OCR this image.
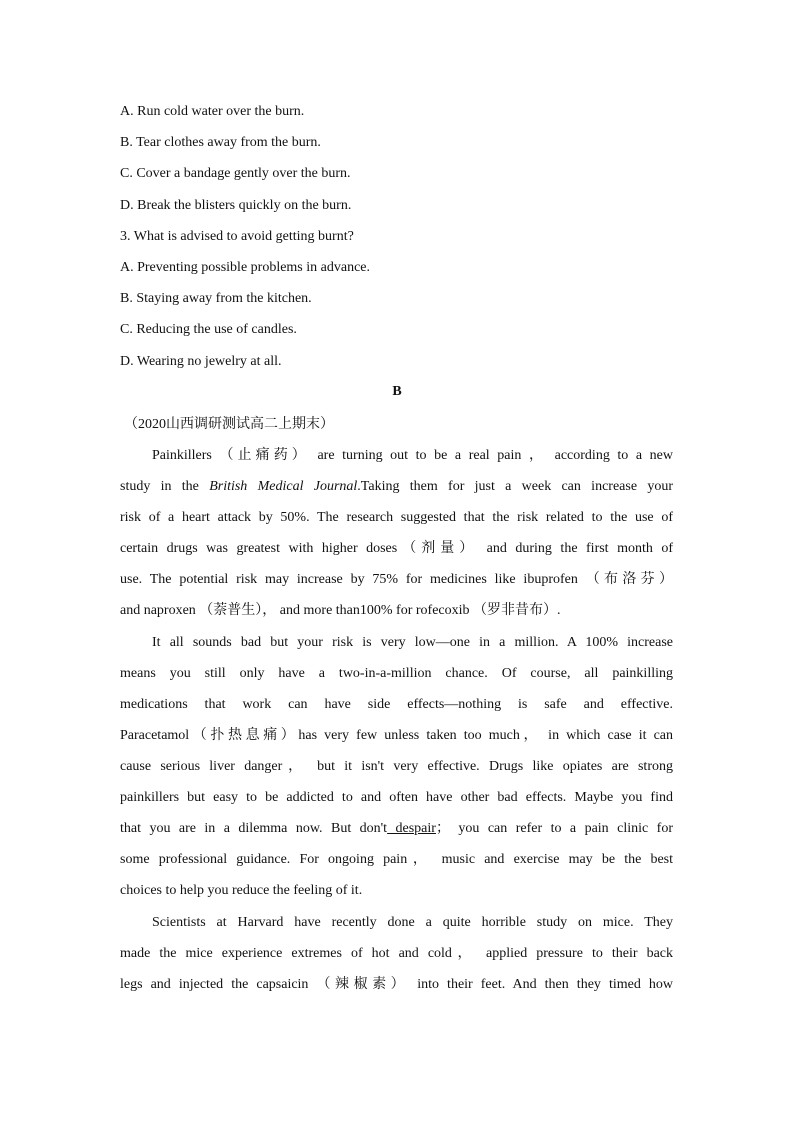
A. Run cold water over the burn.
B. Tear clothes away from the burn.
C. Cover a bandage gently over the burn.
D. Break the blisters quickly on the burn.
3. What is advised to avoid getting burnt?
A. Preventing possible problems in advance.
B. Staying away from the kitchen.
C. Reducing the use of candles.
D. Wearing no jewelry at all.
B
（2020山西调研测试高二上期末）
Painkillers （止痛药） are turning out to be a real pain ， according to a new
study in the British Medical Journal.Taking them for just a week can increase your
risk of a heart attack by 50%. The research suggested that the risk related to the use of
certain drugs was greatest with higher doses（剂量） and during the first month of
use. The potential risk may increase by 75% for medicines like ibuprofen （布洛芬）
and naproxen （萘普生）， and more than100% for rofecoxib （罗非昔布）.
It all sounds bad but your risk is very low—one in a million. A 100% increase
means you still only have a two-in-a-million chance. Of course, all painkilling
medications that work can have side effects—nothing is safe and effective.
Paracetamol（扑热息痛）has very few unless taken too much， in which case it can
cause serious liver danger， but it isn't very effective. Drugs like opiates are strong
painkillers but easy to be addicted to and often have other bad effects. Maybe you find
that you are in a dilemma now. But don't despair； you can refer to a pain clinic for
some professional guidance. For ongoing pain， music and exercise may be the best
choices to help you reduce the feeling of it.
Scientists at Harvard have recently done a quite horrible study on mice. They
made the mice experience extremes of hot and cold， applied pressure to their back
legs and injected the capsaicin （辣椒素） into their feet. And then they timed how
